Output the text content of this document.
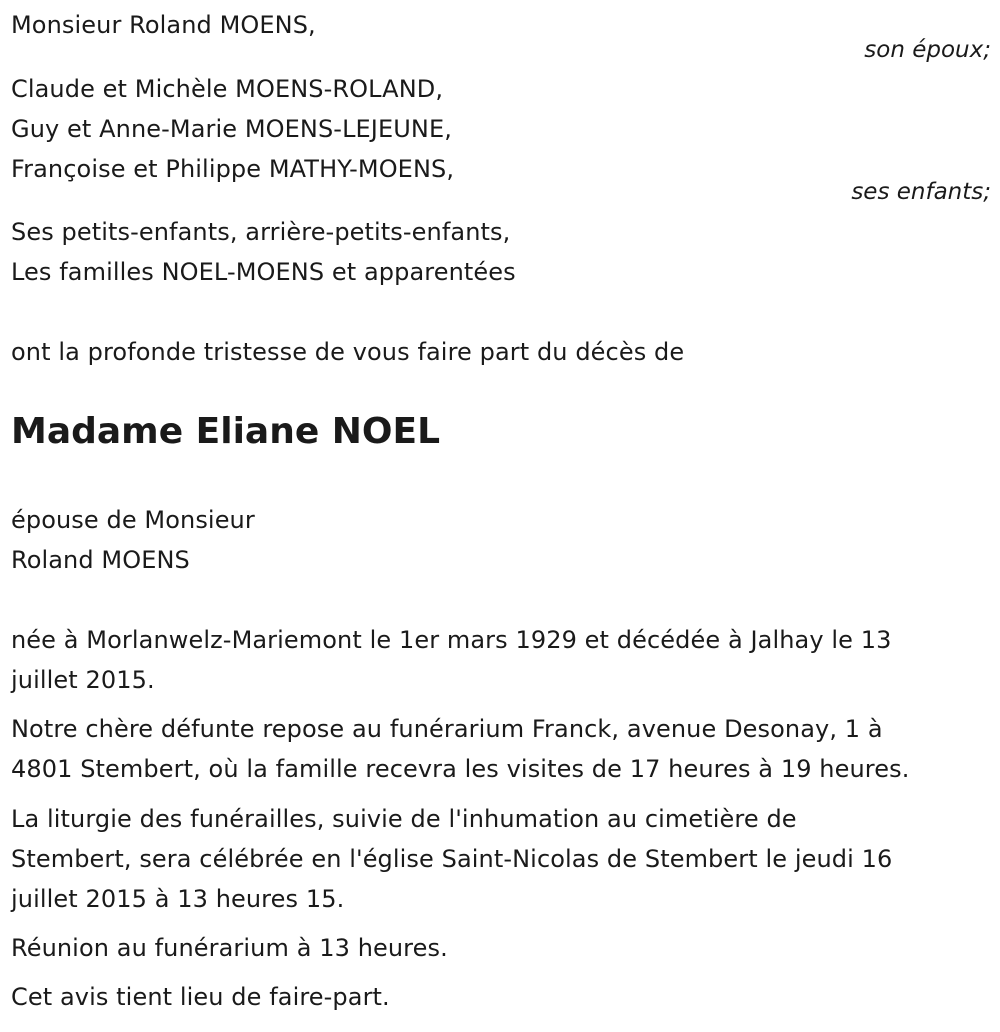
Monsieur Roland MOENS,
son époux;
Claude et Michèle MOENS-ROLAND,
Guy et Anne-Marie MOENS-LEJEUNE,
Françoise et Philippe MATHY-MOENS,
ses enfants;
Ses petits-enfants, arrière-petits-enfants,
Les familles NOEL-MOENS et apparentées
ont la profonde tristesse de vous faire part du décès de
Madame Eliane NOEL
épouse de Monsieur
Roland MOENS
née à Morlanwelz-Mariemont le 1er mars 1929 et décédée à Jalhay le 13
juillet 2015.
Notre chère défunte repose au funérarium Franck, avenue Desonay, 1 à
4801 Stembert, où la famille recevra les visites de 17 heures à 19 heures.
La liturgie des funérailles, suivie de l'inhumation au cimetière de
Stembert, sera célébrée en l'église Saint-Nicolas de Stembert le jeudi 16
juillet 2015 à 13 heures 15.
Réunion au funérarium à 13 heures.
Cet avis tient lieu de faire-part.
